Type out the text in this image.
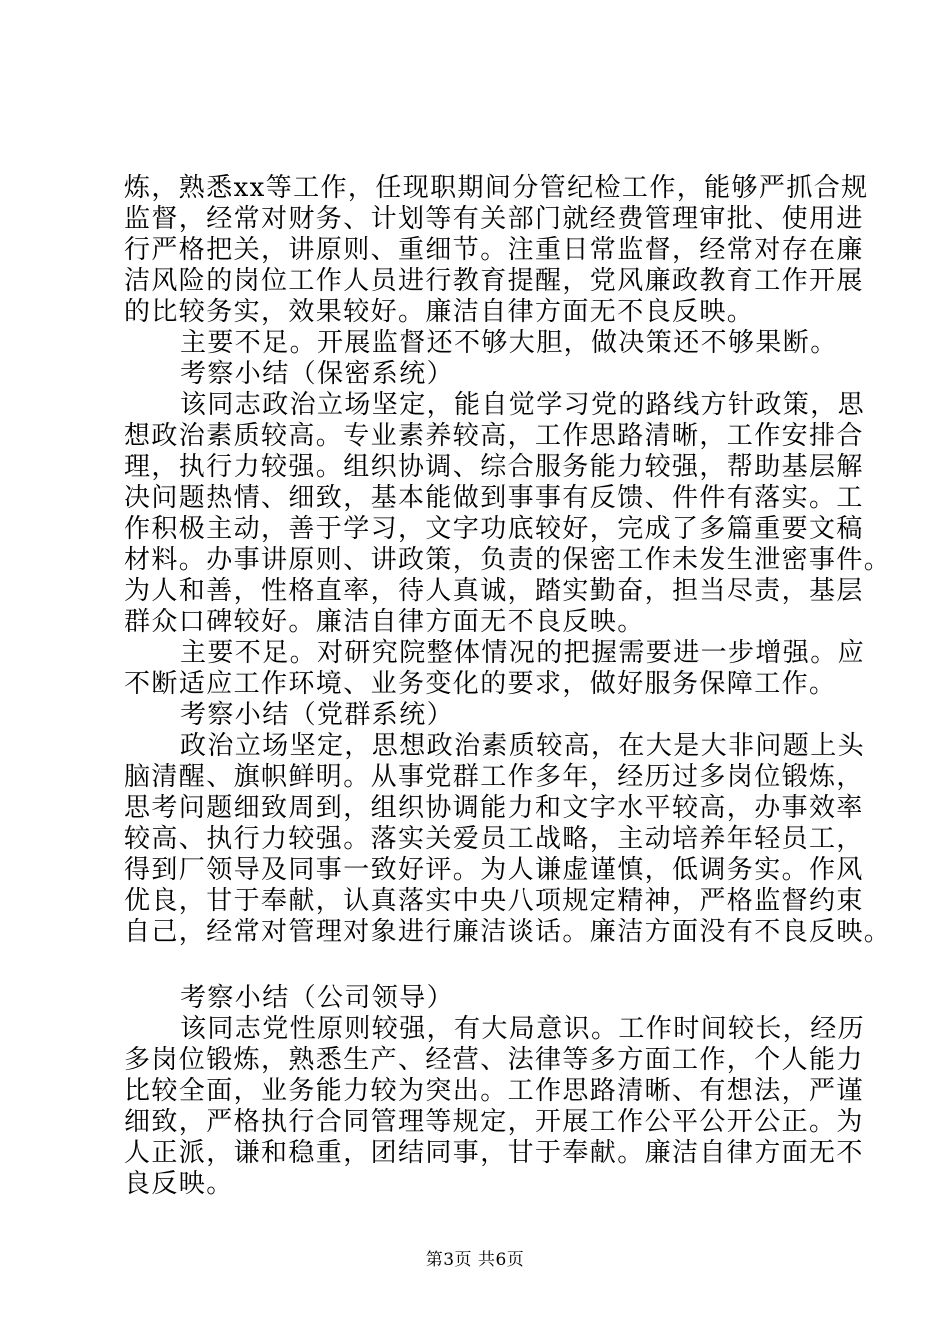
炼，熟悉xx等工作，任现职期间分管纪检工作，能够严抓合规
监督，经常对财务、计划等有关部门就经费管理审批、使用进
行严格把关，讲原则、重细节。注重日常监督，经常对存在廉
洁风险的岗位工作人员进行教育提醒，党风廉政教育工作开展
的比较务实，效果较好。廉洁自律方面无不良反映。
主要不足。开展监督还不够大胆，做决策还不够果断。
考察小结（保密系统）
该同志政治立场坚定，能自觉学习党的路线方针政策，思
想政治素质较高。专业素养较高，工作思路清晰，工作安排合
理，执行力较强。组织协调、综合服务能力较强，帮助基层解
决问题热情、细致，基本能做到事事有反馈、件件有落实。工
作积极主动，善于学习，文字功底较好，完成了多篇重要文稿
材料。办事讲原则、讲政策，负责的保密工作未发生泄密事件。
为人和善，性格直率，待人真诚，踏实勤奋，担当尽责，基层
群众口碑较好。廉洁自律方面无不良反映。
主要不足。对研究院整体情况的把握需要进一步增强。应
不断适应工作环境、业务变化的要求，做好服务保障工作。
考察小结（党群系统）
政治立场坚定，思想政治素质较高，在大是大非问题上头
脑清醒、旗帜鲜明。从事党群工作多年，经历过多岗位锻炼，
思考问题细致周到，组织协调能力和文字水平较高，办事效率
较高、执行力较强。落实关爱员工战略，主动培养年轻员工，
得到厂领导及同事一致好评。为人谦虚谨慎，低调务实。作风
优良，甘于奉献，认真落实中央八项规定精神，严格监督约束
自己，经常对管理对象进行廉洁谈话。廉洁方面没有不良反映。
考察小结（公司领导）
该同志党性原则较强，有大局意识。工作时间较长，经历
多岗位锻炼，熟悉生产、经营、法律等多方面工作，个人能力
比较全面，业务能力较为突出。工作思路清晰、有想法，严谨
细致，严格执行合同管理等规定，开展工作公平公开公正。为
人正派，谦和稳重，团结同事，甘于奉献。廉洁自律方面无不
良反映。
第3页 共6页
